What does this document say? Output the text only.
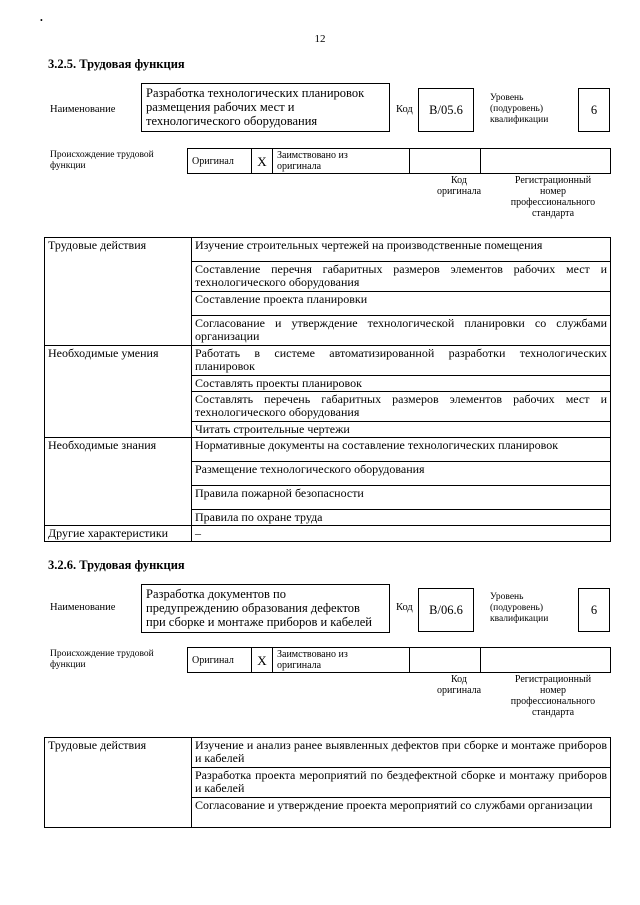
•
12
3.2.5. Трудовая функция
Наименование
Разработка технологических планировок
размещения рабочих мест и
технологического оборудования
Код	B/05.6
Уровень
(подуровень)
квалификации
6
Происхождение трудовой
функции	Оригинал	X	Заимствовано из
оригинала

Код
оригинала
Регистрационный
номер
профессионального
стандарта
Трудовые действия	Изучение строительных чертежей на производственные помещения
	Составление перечня габаритных размеров элементов рабочих мест и технологического оборудования
	Составление проекта планировки
	Согласование и утверждение технологической планировки со службами организации
Необходимые умения	Работать в системе автоматизированной разработки технологических планировок
	Составлять проекты планировок
	Составлять перечень габаритных размеров элементов рабочих мест и технологического оборудования
	Читать строительные чертежи
Необходимые знания	Нормативные документы на составление технологических планировок
	Размещение технологического оборудования
	Правила пожарной безопасности
	Правила по охране труда
Другие характеристики	–
3.2.6. Трудовая функция
Наименование
Разработка документов по
предупреждению образования дефектов
при сборке и монтаже приборов и кабелей
Код	B/06.6
Уровень
(подуровень)
квалификации
6
Происхождение трудовой
функции	Оригинал	X	Заимствовано из
оригинала

Код
оригинала
Регистрационный
номер
профессионального
стандарта
Трудовые действия	Изучение и анализ ранее выявленных дефектов при сборке и монтаже приборов и кабелей
Разработка проекта мероприятий по бездефектной сборке и монтажу приборов и кабелей
Согласование и утверждение проекта мероприятий со службами организации
